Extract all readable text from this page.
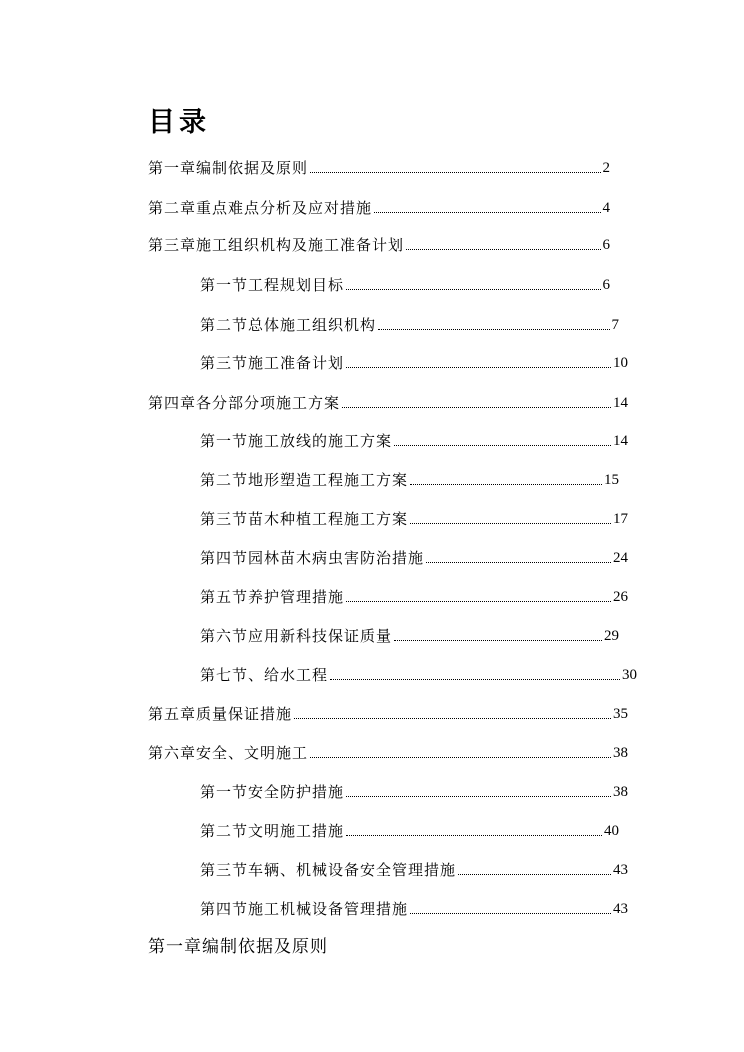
目录
第一章编制依据及原则	2
第二章重点难点分析及应对措施	4
第三章施工组织机构及施工准备计划	6
第一节工程规划目标	6
第二节总体施工组织机构	7
第三节施工准备计划	10
第四章各分部分项施工方案	14
第一节施工放线的施工方案	14
第二节地形塑造工程施工方案	15
第三节苗木种植工程施工方案	17
第四节园林苗木病虫害防治措施	24
第五节养护管理措施	26
第六节应用新科技保证质量	29
第七节、给水工程	30
第五章质量保证措施	35
第六章安全、文明施工	38
第一节安全防护措施	38
第二节文明施工措施	40
第三节车辆、机械设备安全管理措施	43
第四节施工机械设备管理措施	43
第一章编制依据及原则
